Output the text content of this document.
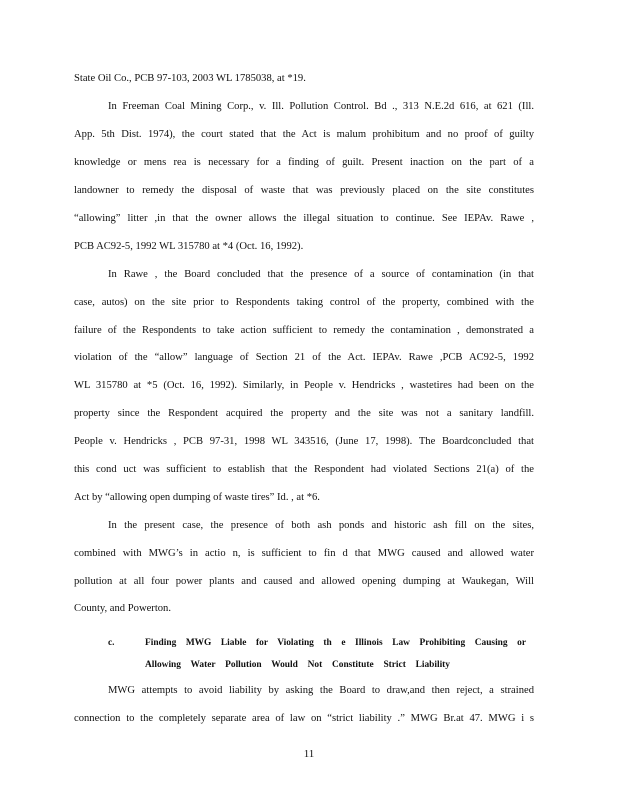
State Oil Co., PCB 97-103, 2003 WL 1785038, at *19.
In Freeman Coal Mining Corp., v. Ill. Pollution Control. Bd ., 313 N.E.2d 616, at 621 (Ill.
App. 5th Dist. 1974), the court stated that the Act is malum prohibitum and no proof of guilty
knowledge or mens rea is necessary for a finding of guilt. Present inaction on the part of a
landowner to remedy the disposal of waste that was previously placed on the site constitutes
“allowing” litter ,in that the owner allows the illegal situation to continue. See IEPAv. Rawe ,
PCB AC92-5, 1992 WL 315780 at *4 (Oct. 16, 1992).
In Rawe , the Board concluded that the presence of a source of contamination (in that
case, autos) on the site prior to Respondents taking control of the property, combined with the
failure of the Respondents to take action sufficient to remedy the contamination , demonstrated a
violation of the “allow” language of Section 21 of the Act. IEPAv. Rawe ,PCB AC92-5, 1992
WL 315780 at *5 (Oct. 16, 1992). Similarly, in People v. Hendricks , wastetires had been on the
property since the Respondent acquired the property and the site was not a sanitary landfill.
People v. Hendricks , PCB 97-31, 1998 WL 343516, (June 17, 1998). The Boardconcluded that
this cond uct was sufficient to establish that the Respondent had violated Sections 21(a) of the
Act by “allowing open dumping of waste tires” Id. , at *6.
In the present case, the presence of both ash ponds and historic ash fill on the sites,
combined with MWG’s in actio n, is sufficient to fin d that MWG caused and allowed water
pollution at all four power plants and caused and allowed opening dumping at Waukegan, Will
County, and Powerton.
c.	Finding MWG Liable for Violating th e Illinois Law Prohibiting Causing or
Allowing Water Pollution Would Not Constitute Strict Liability
MWG attempts to avoid liability by asking the Board to draw,and then reject, a strained
connection to the completely separate area of law on “strict liability .” MWG Br.at 47. MWG i s
11
